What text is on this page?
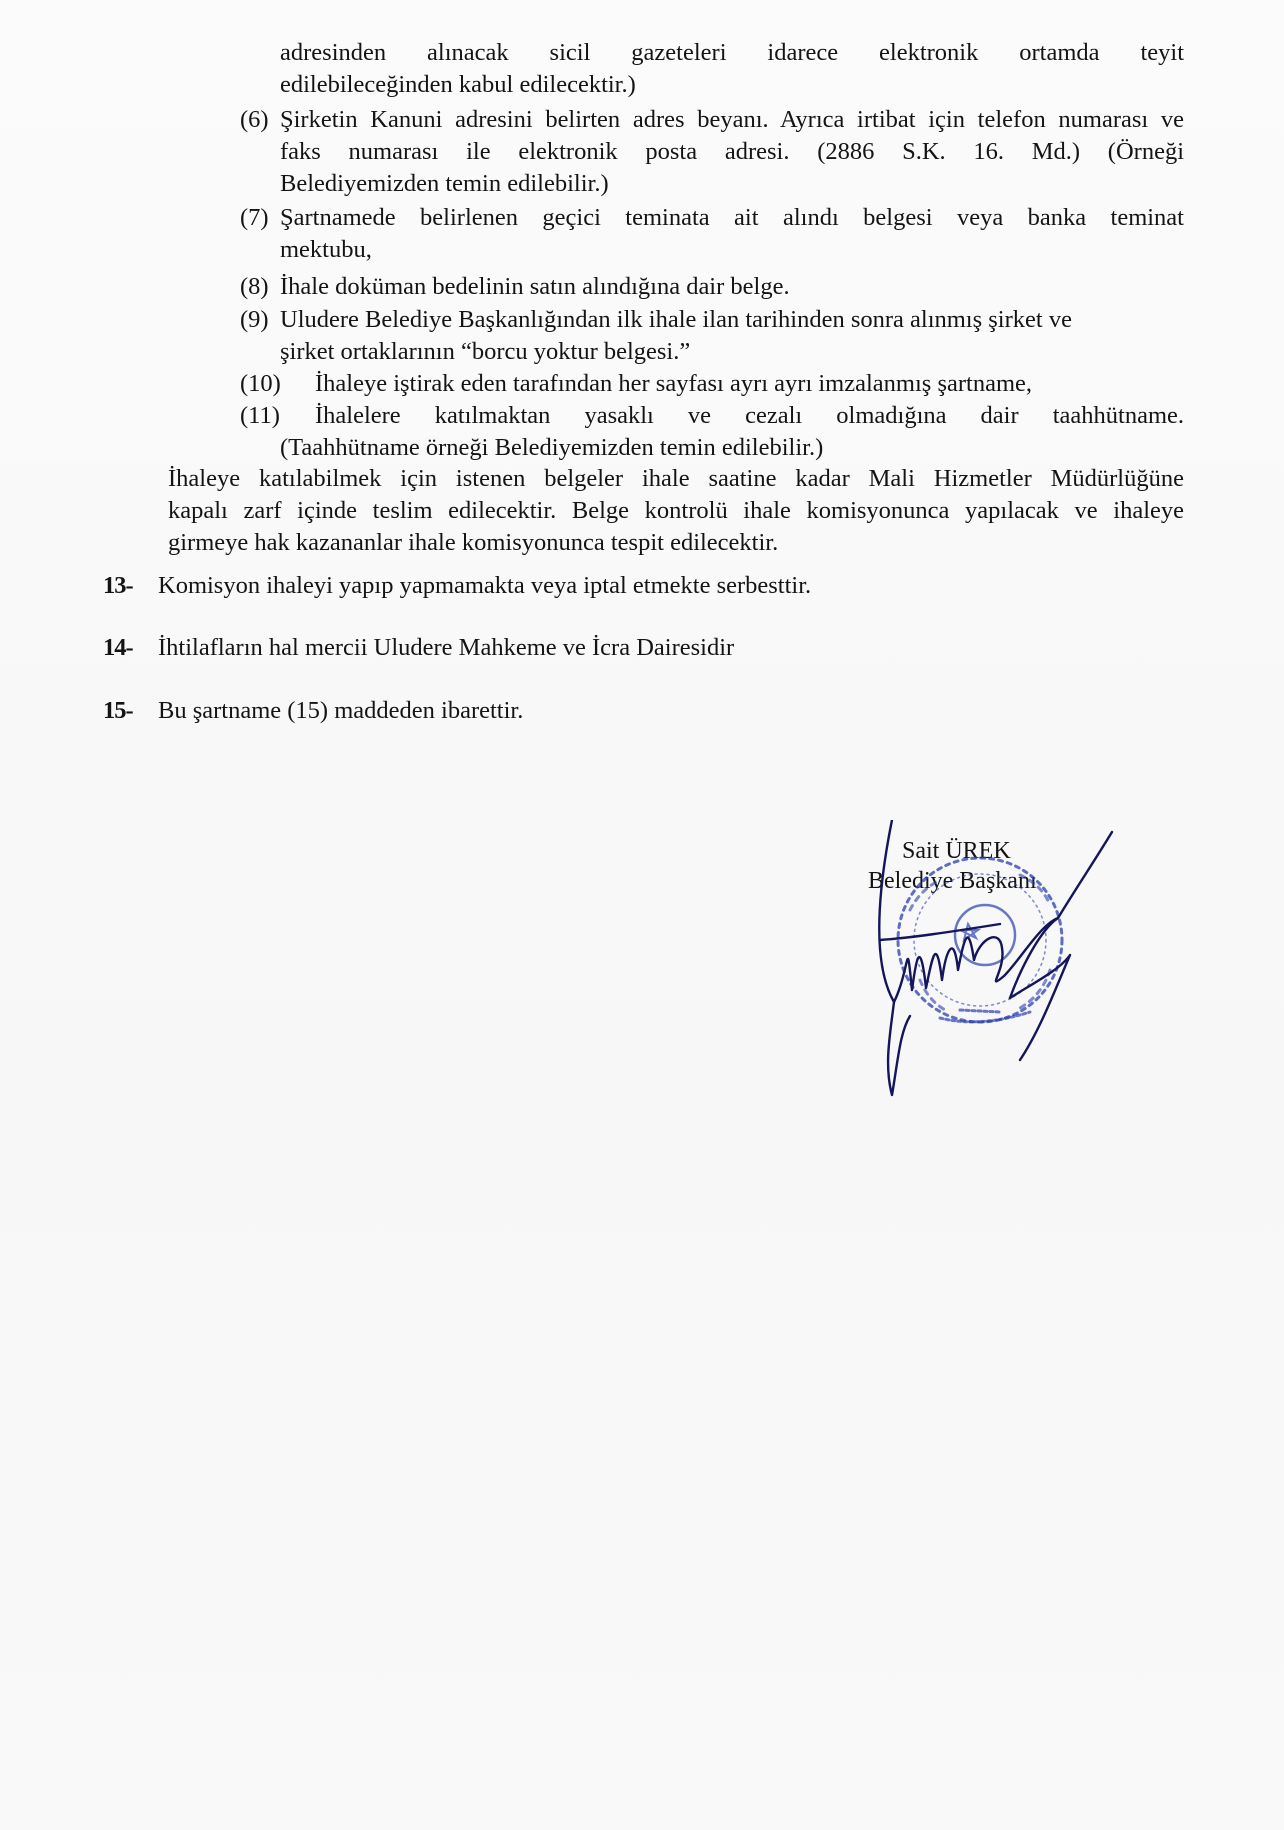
adresinden alınacak sicil gazeteleri idarece elektronik ortamda teyit
edilebileceğinden kabul edilecektir.)
(6) Şirketin Kanuni adresini belirten adres beyanı. Ayrıca irtibat için telefon numarası ve
faks numarası ile elektronik posta adresi. (2886 S.K. 16. Md.) (Örneği
Belediyemizden temin edilebilir.)
(7) Şartnamede belirlenen geçici teminata ait alındı belgesi veya banka teminat
mektubu,
(8) İhale doküman bedelinin satın alındığına dair belge.
(9) Uludere Belediye Başkanlığından ilk ihale ilan tarihinden sonra alınmış şirket ve
şirket ortaklarının “borcu yoktur belgesi.”
(10) İhaleye iştirak eden tarafından her sayfası ayrı ayrı imzalanmış şartname,
(11) İhalelere katılmaktan yasaklı ve cezalı olmadığına dair taahhütname.
(Taahhütname örneği Belediyemizden temin edilebilir.)
İhaleye katılabilmek için istenen belgeler ihale saatine kadar Mali Hizmetler Müdürlüğüne
kapalı zarf içinde teslim edilecektir. Belge kontrolü ihale komisyonunca yapılacak ve ihaleye
girmeye hak kazananlar ihale komisyonunca tespit edilecektir.
13- Komisyon ihaleyi yapıp yapmamakta veya iptal etmekte serbesttir.
14- İhtilafların hal mercii Uludere Mahkeme ve İcra Dairesidir
15- Bu şartname (15) maddeden ibarettir.
Sait ÜREK
Belediye Başkanı
